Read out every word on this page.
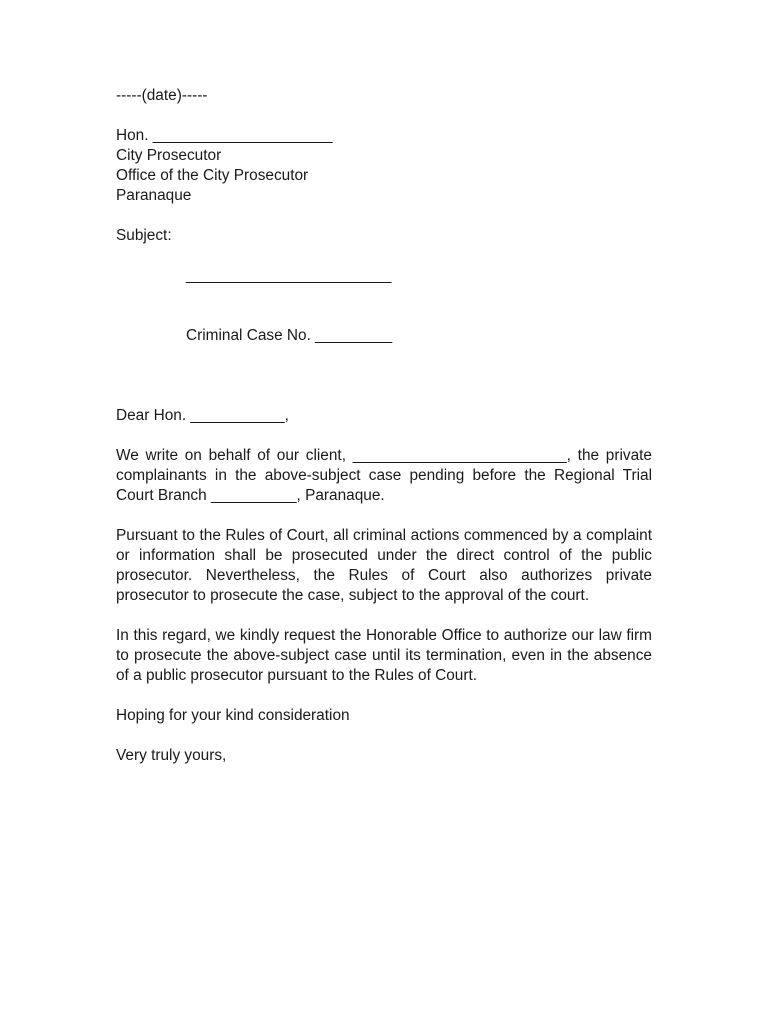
-----(date)-----
Hon. _____________________
City Prosecutor
Office of the City Prosecutor
Paranaque
Subject:

________________________

Criminal Case No. _________

Dear Hon. ___________,

We write on behalf of our client, _________________________, the private complainants in the above-subject case pending before the Regional Trial Court Branch __________, Paranaque.

Pursuant to the Rules of Court, all criminal actions commenced by a complaint or information shall be prosecuted under the direct control of the public prosecutor. Nevertheless, the Rules of Court also authorizes private prosecutor to prosecute the case, subject to the approval of the court.

In this regard, we kindly request the Honorable Office to authorize our law firm to prosecute the above-subject case until its termination, even in the absence of a public prosecutor pursuant to the Rules of Court.

Hoping for your kind consideration
Very truly yours,
